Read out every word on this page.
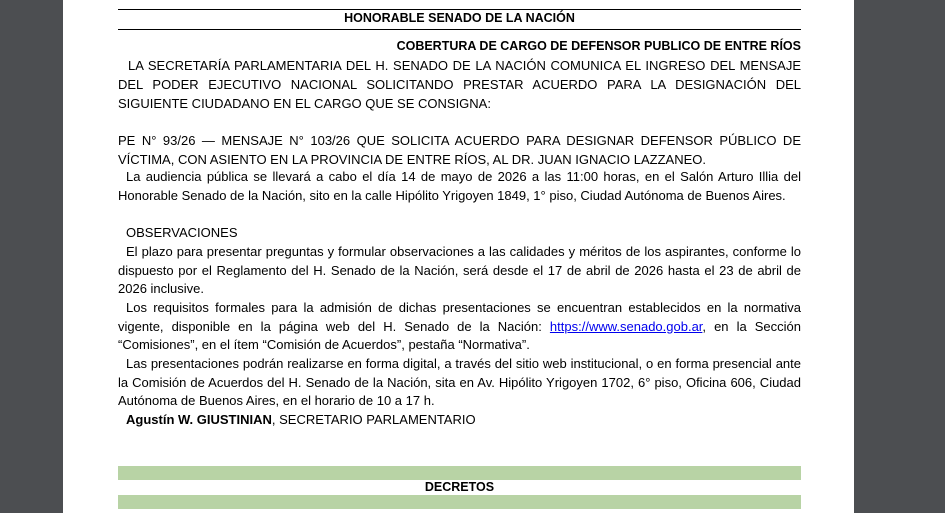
HONORABLE SENADO DE LA NACIÓN
COBERTURA DE CARGO DE DEFENSOR PUBLICO DE ENTRE RÍOS

LA SECRETARÍA PARLAMENTARIA DEL H. SENADO DE LA NACIÓN COMUNICA EL INGRESO DEL MENSAJE DEL PODER EJECUTIVO NACIONAL SOLICITANDO PRESTAR ACUERDO PARA LA DESIGNACIÓN DEL SIGUIENTE CIUDADANO EN EL CARGO QUE SE CONSIGNA:

PE N° 93/26 — MENSAJE N° 103/26 QUE SOLICITA ACUERDO PARA DESIGNAR DEFENSOR PÚBLICO DE VÍCTIMA, CON ASIENTO EN LA PROVINCIA DE ENTRE RÍOS, AL DR. JUAN IGNACIO LAZZANEO.

La audiencia pública se llevará a cabo el día 14 de mayo de 2026 a las 11:00 horas, en el Salón Arturo Illia del Honorable Senado de la Nación, sito en la calle Hipólito Yrigoyen 1849, 1° piso, Ciudad Autónoma de Buenos Aires.

OBSERVACIONES

El plazo para presentar preguntas y formular observaciones a las calidades y méritos de los aspirantes, conforme lo dispuesto por el Reglamento del H. Senado de la Nación, será desde el 17 de abril de 2026 hasta el 23 de abril de 2026 inclusive.

Los requisitos formales para la admisión de dichas presentaciones se encuentran establecidos en la normativa vigente, disponible en la página web del H. Senado de la Nación: https://www.senado.gob.ar, en la Sección “Comisiones”, en el ítem “Comisión de Acuerdos”, pestaña “Normativa”.

Las presentaciones podrán realizarse en forma digital, a través del sitio web institucional, o en forma presencial ante la Comisión de Acuerdos del H. Senado de la Nación, sita en Av. Hipólito Yrigoyen 1702, 6° piso, Oficina 606, Ciudad Autónoma de Buenos Aires, en el horario de 10 a 17 h.

Agustín W. GIUSTINIAN, SECRETARIO PARLAMENTARIO

DECRETOS
